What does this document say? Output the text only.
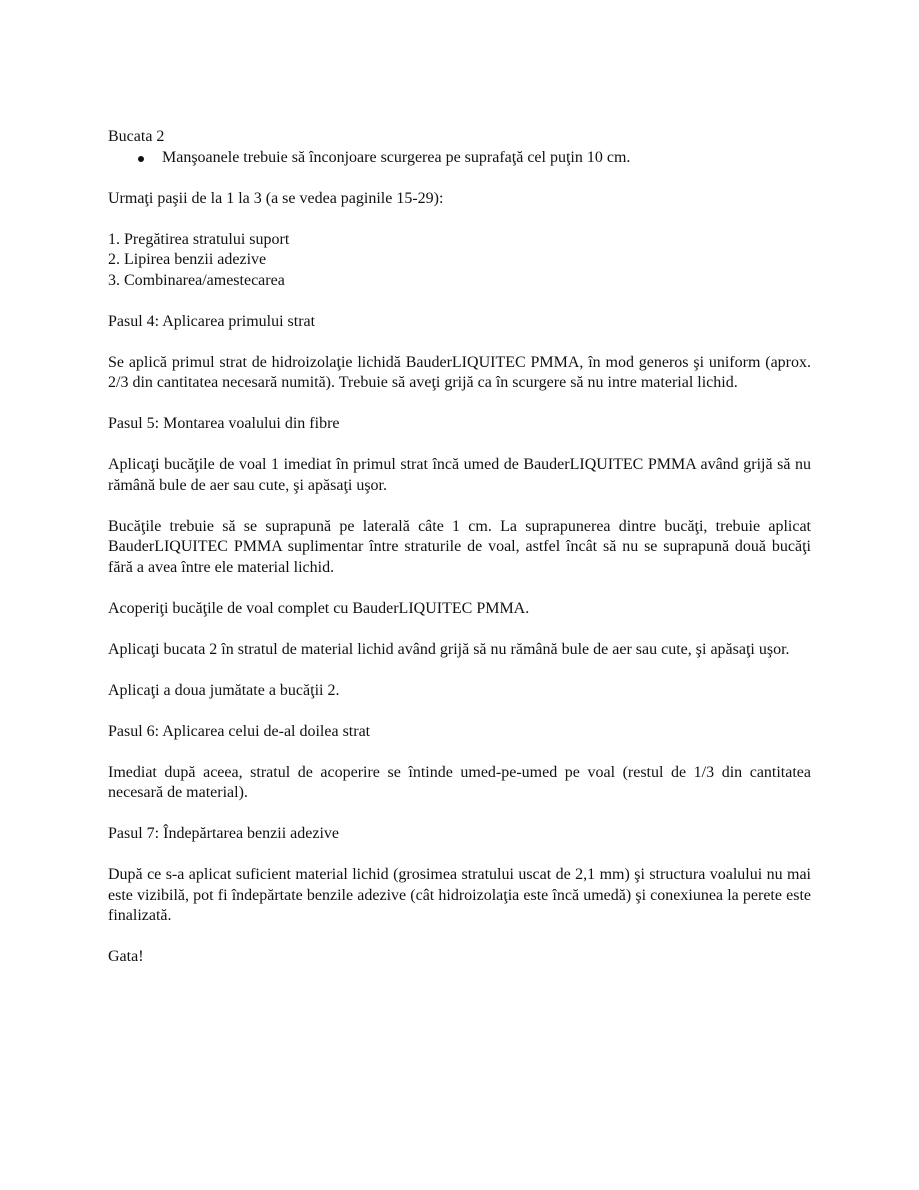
Bucata 2

Manşoanele trebuie să înconjoare scurgerea pe suprafaţă cel puţin 10 cm.

Urmaţi paşii de la 1 la 3 (a se vedea paginile 15-29):

1. Pregătirea stratului suport
2. Lipirea benzii adezive
3. Combinarea/amestecarea

Pasul 4: Aplicarea primului strat

Se aplică primul strat de hidroizolaţie lichidă BauderLIQUITEC PMMA, în mod generos şi uniform (aprox. 2/3 din cantitatea necesară numită). Trebuie să aveţi grijă ca în scurgere să nu intre material lichid.

Pasul 5: Montarea voalului din fibre

Aplicaţi bucăţile de voal 1 imediat în primul strat încă umed de BauderLIQUITEC PMMA având grijă să nu rămână bule de aer sau cute, şi apăsaţi uşor.

Bucăţile trebuie să se suprapună pe laterală câte 1 cm. La suprapunerea dintre bucăţi, trebuie aplicat BauderLIQUITEC PMMA suplimentar între straturile de voal, astfel încât să nu se suprapună două bucăţi fără a avea între ele material lichid.

Acoperiţi bucăţile de voal complet cu BauderLIQUITEC PMMA.

Aplicaţi bucata 2 în stratul de material lichid având grijă să nu rămână bule de aer sau cute, şi apăsaţi uşor.

Aplicaţi a doua jumătate a bucăţii 2.

Pasul 6: Aplicarea celui de-al doilea strat

Imediat după aceea, stratul de acoperire se întinde umed-pe-umed pe voal (restul de 1/3 din cantitatea necesară de material).

Pasul 7: Îndepărtarea benzii adezive

După ce s-a aplicat suficient material lichid (grosimea stratului uscat de 2,1 mm) şi structura voalului nu mai este vizibilă, pot fi îndepărtate benzile adezive (cât hidroizolaţia este încă umedă) şi conexiunea la perete este finalizată.

Gata!
